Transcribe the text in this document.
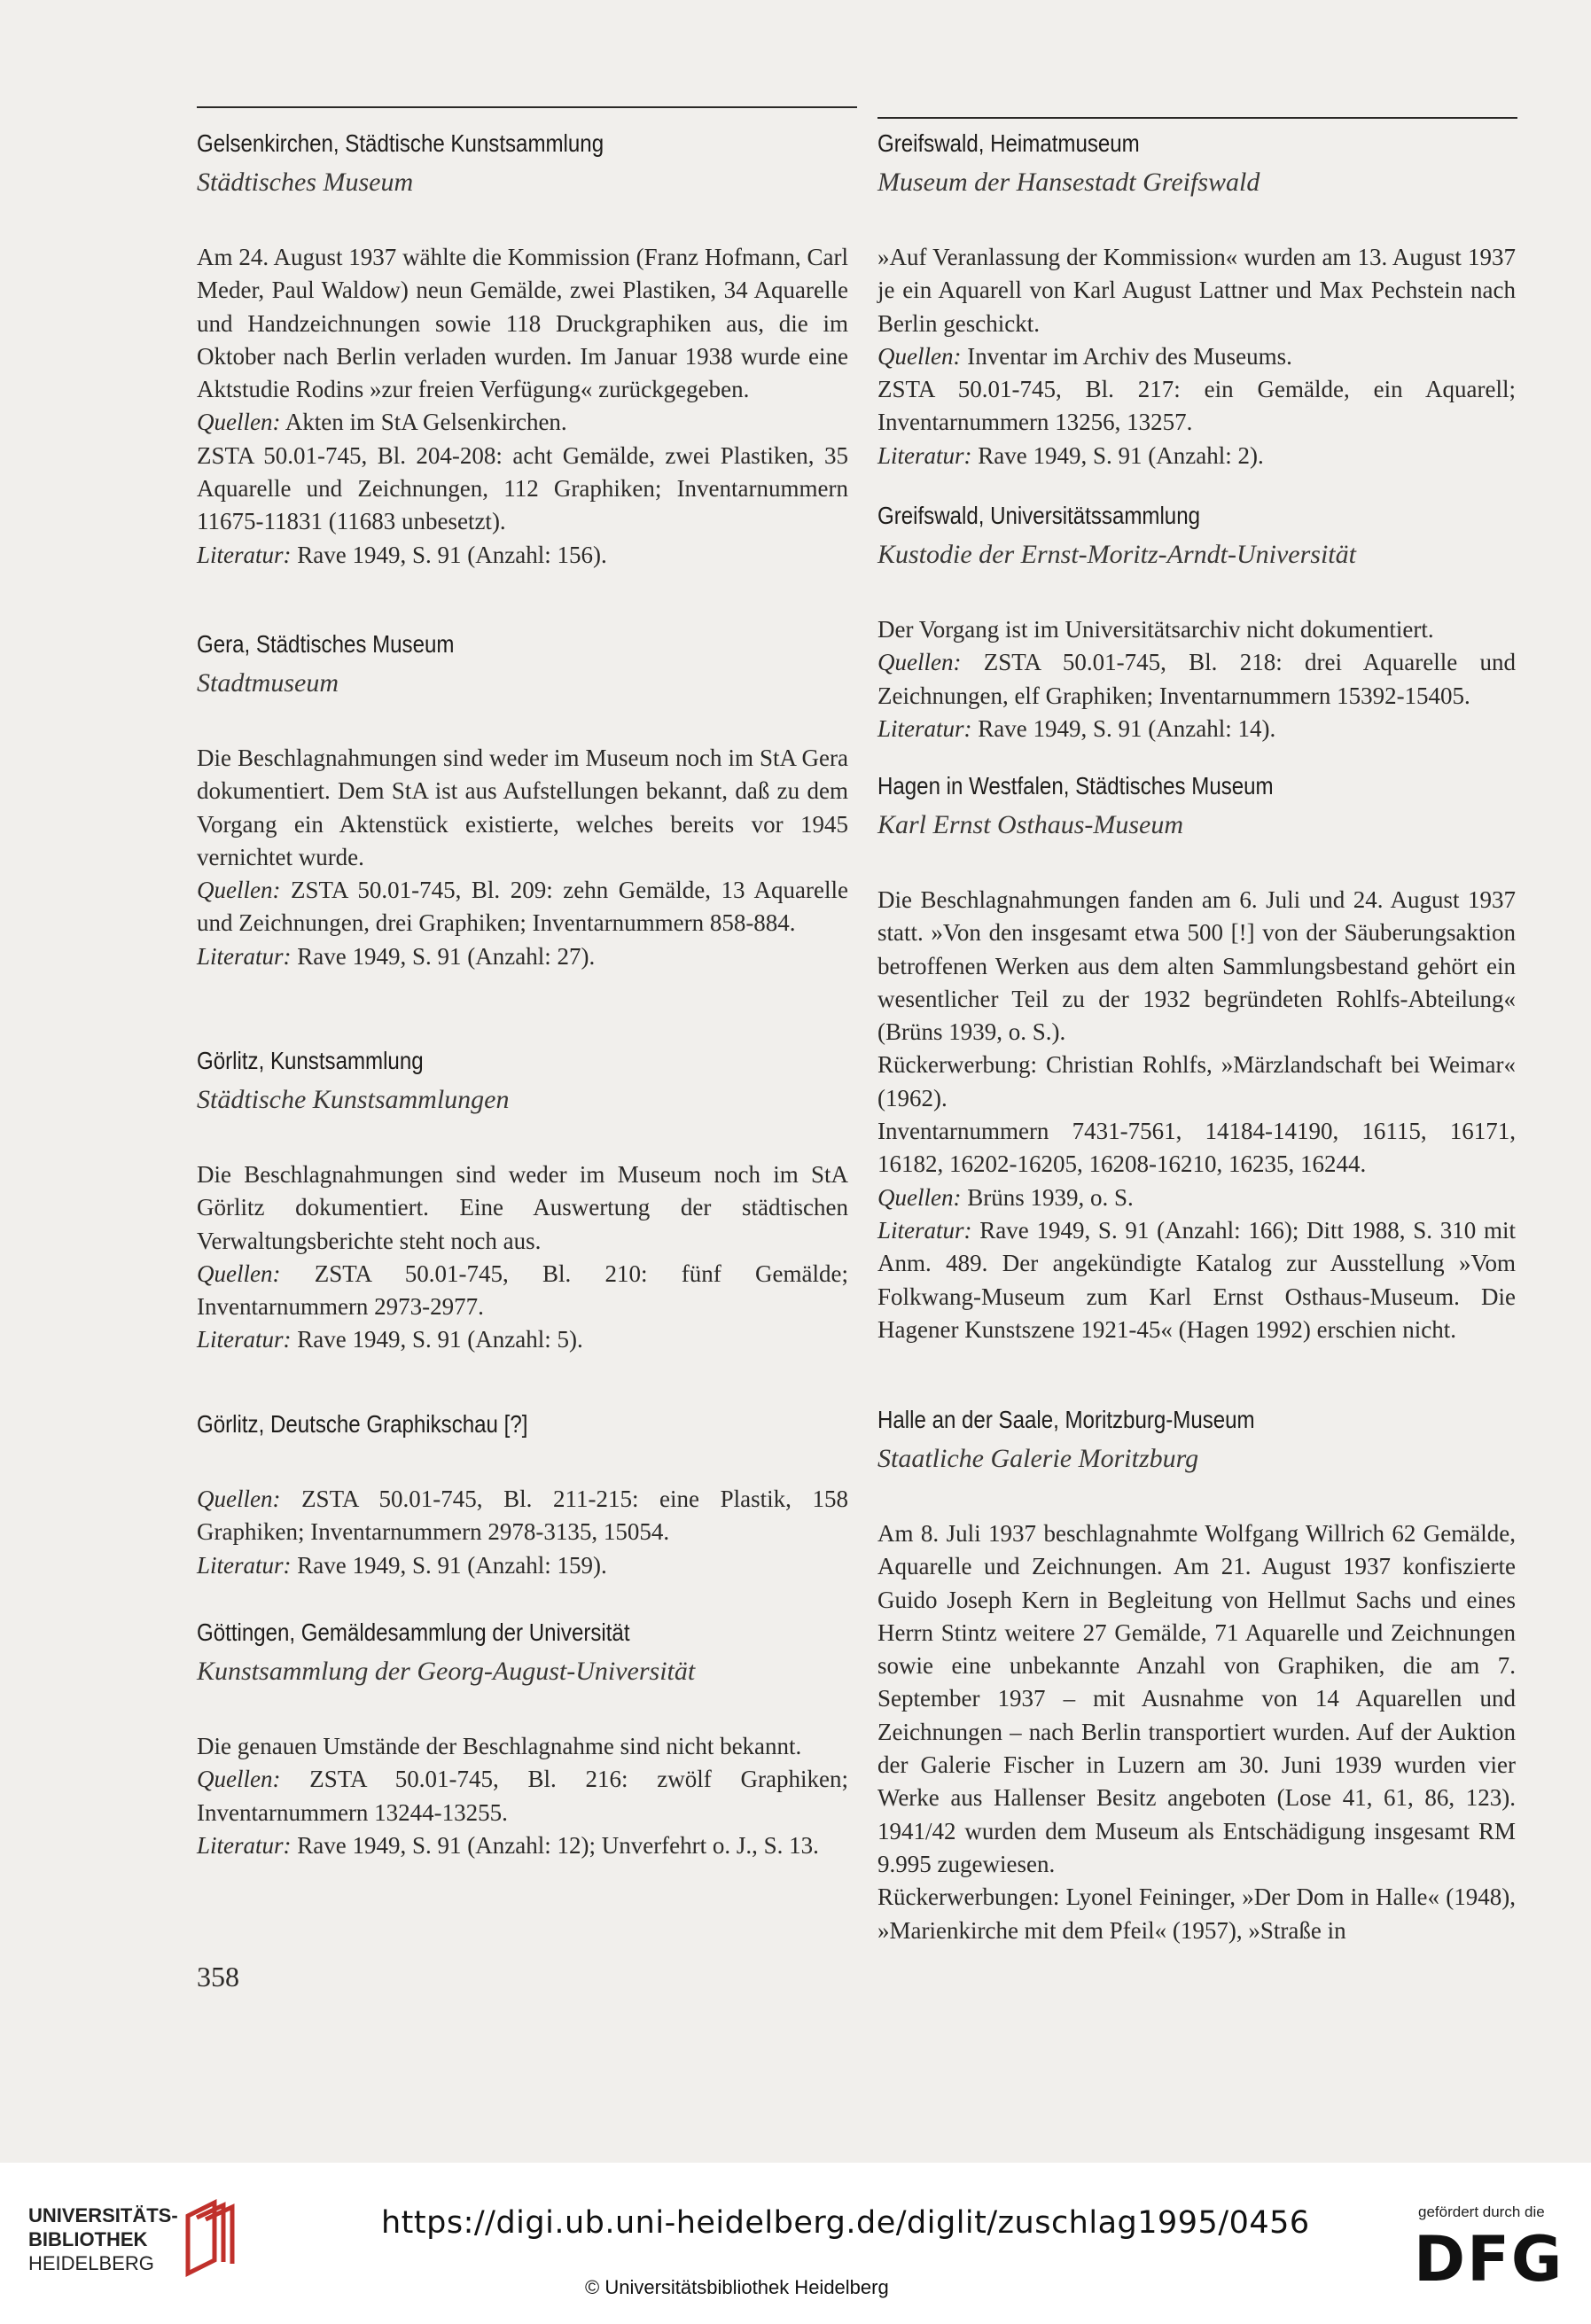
Gelsenkirchen, Städtische Kunstsammlung
Städtisches Museum

Am 24. August 1937 wählte die Kommission (Franz Hofmann, Carl Meder, Paul Waldow) neun Gemälde, zwei Plastiken, 34 Aquarelle und Handzeichnungen sowie 118 Druckgraphiken aus, die im Oktober nach Berlin verladen wurden. Im Januar 1938 wurde eine Aktstudie Rodins »zur freien Verfügung« zurückgegeben.

Quellen: Akten im StA Gelsenkirchen.

ZSTA 50.01-745, Bl. 204-208: acht Gemälde, zwei Plastiken, 35 Aquarelle und Zeichnungen, 112 Graphiken; Inventarnummern 11675-11831 (11683 unbesetzt).

Literatur: Rave 1949, S. 91 (Anzahl: 156).

Gera, Städtisches Museum
Stadtmuseum

Die Beschlagnahmungen sind weder im Museum noch im StA Gera dokumentiert. Dem StA ist aus Aufstellungen bekannt, daß zu dem Vorgang ein Aktenstück existierte, welches bereits vor 1945 vernichtet wurde.

Quellen: ZSTA 50.01-745, Bl. 209: zehn Gemälde, 13 Aquarelle und Zeichnungen, drei Graphiken; Inventarnummern 858-884.

Literatur: Rave 1949, S. 91 (Anzahl: 27).

Görlitz, Kunstsammlung
Städtische Kunstsammlungen

Die Beschlagnahmungen sind weder im Museum noch im StA Görlitz dokumentiert. Eine Auswertung der städtischen Verwaltungsberichte steht noch aus.

Quellen: ZSTA 50.01-745, Bl. 210: fünf Gemälde; Inventarnummern 2973-2977.

Literatur: Rave 1949, S. 91 (Anzahl: 5).

Görlitz, Deutsche Graphikschau [?]

Quellen: ZSTA 50.01-745, Bl. 211-215: eine Plastik, 158 Graphiken; Inventarnummern 2978-3135, 15054.

Literatur: Rave 1949, S. 91 (Anzahl: 159).

Göttingen, Gemäldesammlung der Universität
Kunstsammlung der Georg-August-Universität

Die genauen Umstände der Beschlagnahme sind nicht bekannt.

Quellen: ZSTA 50.01-745, Bl. 216: zwölf Graphiken; Inventarnummern 13244-13255.

Literatur: Rave 1949, S. 91 (Anzahl: 12); Unverfehrt o. J., S. 13.

Greifswald, Heimatmuseum
Museum der Hansestadt Greifswald

»Auf Veranlassung der Kommission« wurden am 13. August 1937 je ein Aquarell von Karl August Lattner und Max Pechstein nach Berlin geschickt.

Quellen: Inventar im Archiv des Museums.

ZSTA 50.01-745, Bl. 217: ein Gemälde, ein Aquarell; Inventarnummern 13256, 13257.

Literatur: Rave 1949, S. 91 (Anzahl: 2).

Greifswald, Universitätssammlung
Kustodie der Ernst-Moritz-Arndt-Universität

Der Vorgang ist im Universitätsarchiv nicht dokumentiert.

Quellen: ZSTA 50.01-745, Bl. 218: drei Aquarelle und Zeichnungen, elf Graphiken; Inventarnummern 15392-15405.

Literatur: Rave 1949, S. 91 (Anzahl: 14).

Hagen in Westfalen, Städtisches Museum
Karl Ernst Osthaus-Museum

Die Beschlagnahmungen fanden am 6. Juli und 24. August 1937 statt. »Von den insgesamt etwa 500 [!] von der Säuberungsaktion betroffenen Werken aus dem alten Sammlungsbestand gehört ein wesentlicher Teil zu der 1932 begründeten Rohlfs-Abteilung« (Brüns 1939, o. S.).

Rückerwerbung: Christian Rohlfs, »Märzlandschaft bei Weimar« (1962).

Inventarnummern 7431-7561, 14184-14190, 16115, 16171, 16182, 16202-16205, 16208-16210, 16235, 16244.

Quellen: Brüns 1939, o. S.

Literatur: Rave 1949, S. 91 (Anzahl: 166); Ditt 1988, S. 310 mit Anm. 489. Der angekündigte Katalog zur Ausstellung »Vom Folkwang-Museum zum Karl Ernst Osthaus-Museum. Die Hagener Kunstszene 1921-45« (Hagen 1992) erschien nicht.

Halle an der Saale, Moritzburg-Museum
Staatliche Galerie Moritzburg

Am 8. Juli 1937 beschlagnahmte Wolfgang Willrich 62 Gemälde, Aquarelle und Zeichnungen. Am 21. August 1937 konfiszierte Guido Joseph Kern in Begleitung von Hellmut Sachs und eines Herrn Stintz weitere 27 Gemälde, 71 Aquarelle und Zeichnungen sowie eine unbekannte Anzahl von Graphiken, die am 7. September 1937 – mit Ausnahme von 14 Aquarellen und Zeichnungen – nach Berlin transportiert wurden. Auf der Auktion der Galerie Fischer in Luzern am 30. Juni 1939 wurden vier Werke aus Hallenser Besitz angeboten (Lose 41, 61, 86, 123). 1941/42 wurden dem Museum als Entschädigung insgesamt RM 9.995 zugewiesen.

Rückerwerbungen: Lyonel Feininger, »Der Dom in Halle« (1948), »Marienkirche mit dem Pfeil« (1957), »Straße in

358
UNIVERSITÄTS-
BIBLIOTHEK
HEIDELBERG
https://digi.ub.uni-heidelberg.de/diglit/zuschlag1995/0456
© Universitätsbibliothek Heidelberg
gefördert durch die
DFG
